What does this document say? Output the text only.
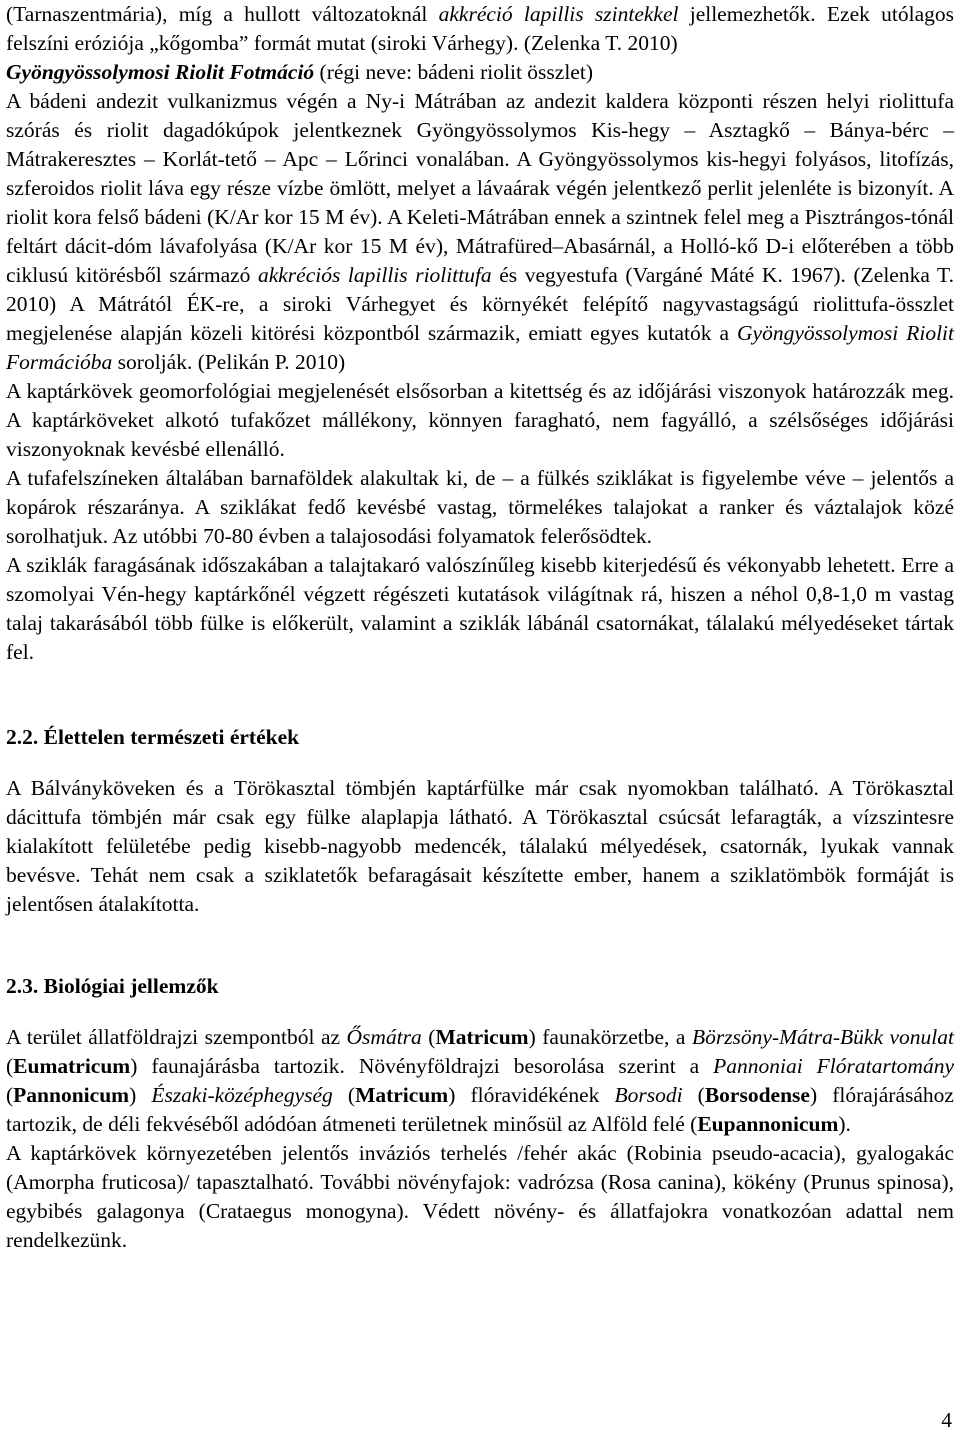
(Tarnaszentmária), míg a hullott változatoknál akkréció lapillis szintekkel jellemezhetők. Ezek utólagos felszíni eróziója „kőgomba” formát mutat (siroki Várhegy). (Zelenka T. 2010)

Gyöngyössolymosi Riolit Fotmáció (régi neve: bádeni riolit összlet)

A bádeni andezit vulkanizmus végén a Ny-i Mátrában az andezit kaldera központi részen helyi riolittufa szórás és riolit dagadókúpok jelentkeznek Gyöngyössolymos Kis-hegy – Asztagkő – Bánya-bérc – Mátrakeresztes – Korlát-tető – Apc – Lőrinci vonalában. A Gyöngyössolymos kis-hegyi folyásos, litofízás, szferoidos riolit láva egy része vízbe ömlött, melyet a lávaárak végén jelentkező perlit jelenléte is bizonyít. A riolit kora felső bádeni (K/Ar kor 15 M év). A Keleti-Mátrában ennek a szintnek felel meg a Pisztrángos-tónál feltárt dácit-dóm lávafolyása (K/Ar kor 15 M év), Mátrafüred–Abasárnál, a Holló-kő D-i előterében a több ciklusú kitörésből származó akkréciós lapillis riolittufa és vegyestufa (Vargáné Máté K. 1967). (Zelenka T. 2010) A Mátrától ÉK-re, a siroki Várhegyet és környékét felépítő nagyvastagságú riolittufa-összlet megjelenése alapján közeli kitörési központból származik, emiatt egyes kutatók a Gyöngyössolymosi Riolit Formációba sorolják. (Pelikán P. 2010)

A kaptárkövek geomorfológiai megjelenését elsősorban a kitettség és az időjárási viszonyok határozzák meg. A kaptárköveket alkotó tufakőzet mállékony, könnyen faragható, nem fagyálló, a szélsőséges időjárási viszonyoknak kevésbé ellenálló.

A tufafelszíneken általában barnaföldek alakultak ki, de – a fülkés sziklákat is figyelembe véve – jelentős a kopárok részaránya. A sziklákat fedő kevésbé vastag, törmelékes talajokat a ranker és váztalajok közé sorolhatjuk. Az utóbbi 70-80 évben a talajosodási folyamatok felerősödtek.

A sziklák faragásának időszakában a talajtakaró valószínűleg kisebb kiterjedésű és vékonyabb lehetett. Erre a szomolyai Vén-hegy kaptárkőnél végzett régészeti kutatások világítnak rá, hiszen a néhol 0,8-1,0 m vastag talaj takarásából több fülke is előkerült, valamint a sziklák lábánál csatornákat, tálalakú mélyedéseket tártak fel.

2.2. Élettelen természeti értékek

A Bálványköveken és a Törökasztal tömbjén kaptárfülke már csak nyomokban található. A Törökasztal dácittufa tömbjén már csak egy fülke alaplapja látható. A Törökasztal csúcsát lefaragták, a vízszintesre kialakított felületébe pedig kisebb-nagyobb medencék, tálalakú mélyedések, csatornák, lyukak vannak bevésve. Tehát nem csak a sziklatetők befaragásait készítette ember, hanem a sziklatömbök formáját is jelentősen átalakította.

2.3. Biológiai jellemzők

A terület állatföldrajzi szempontból az Ősmátra (Matricum) faunakörzetbe, a Börzsöny-Mátra-Bükk vonulat (Eumatricum) faunajárásba tartozik. Növényföldrajzi besorolása szerint a Pannoniai Flóratartomány (Pannonicum) Északi-középhegység (Matricum) flóravidékének Borsodi (Borsodense) flórajárásához tartozik, de déli fekvéséből adódóan átmeneti területnek minősül az Alföld felé (Eupannonicum).

A kaptárkövek környezetében jelentős inváziós terhelés /fehér akác (Robinia pseudo-acacia), gyalogakác (Amorpha fruticosa)/ tapasztalható. További növényfajok: vadrózsa (Rosa canina), kökény (Prunus spinosa), egybibés galagonya (Crataegus monogyna). Védett növény- és állatfajokra vonatkozóan adattal nem rendelkezünk.

4
